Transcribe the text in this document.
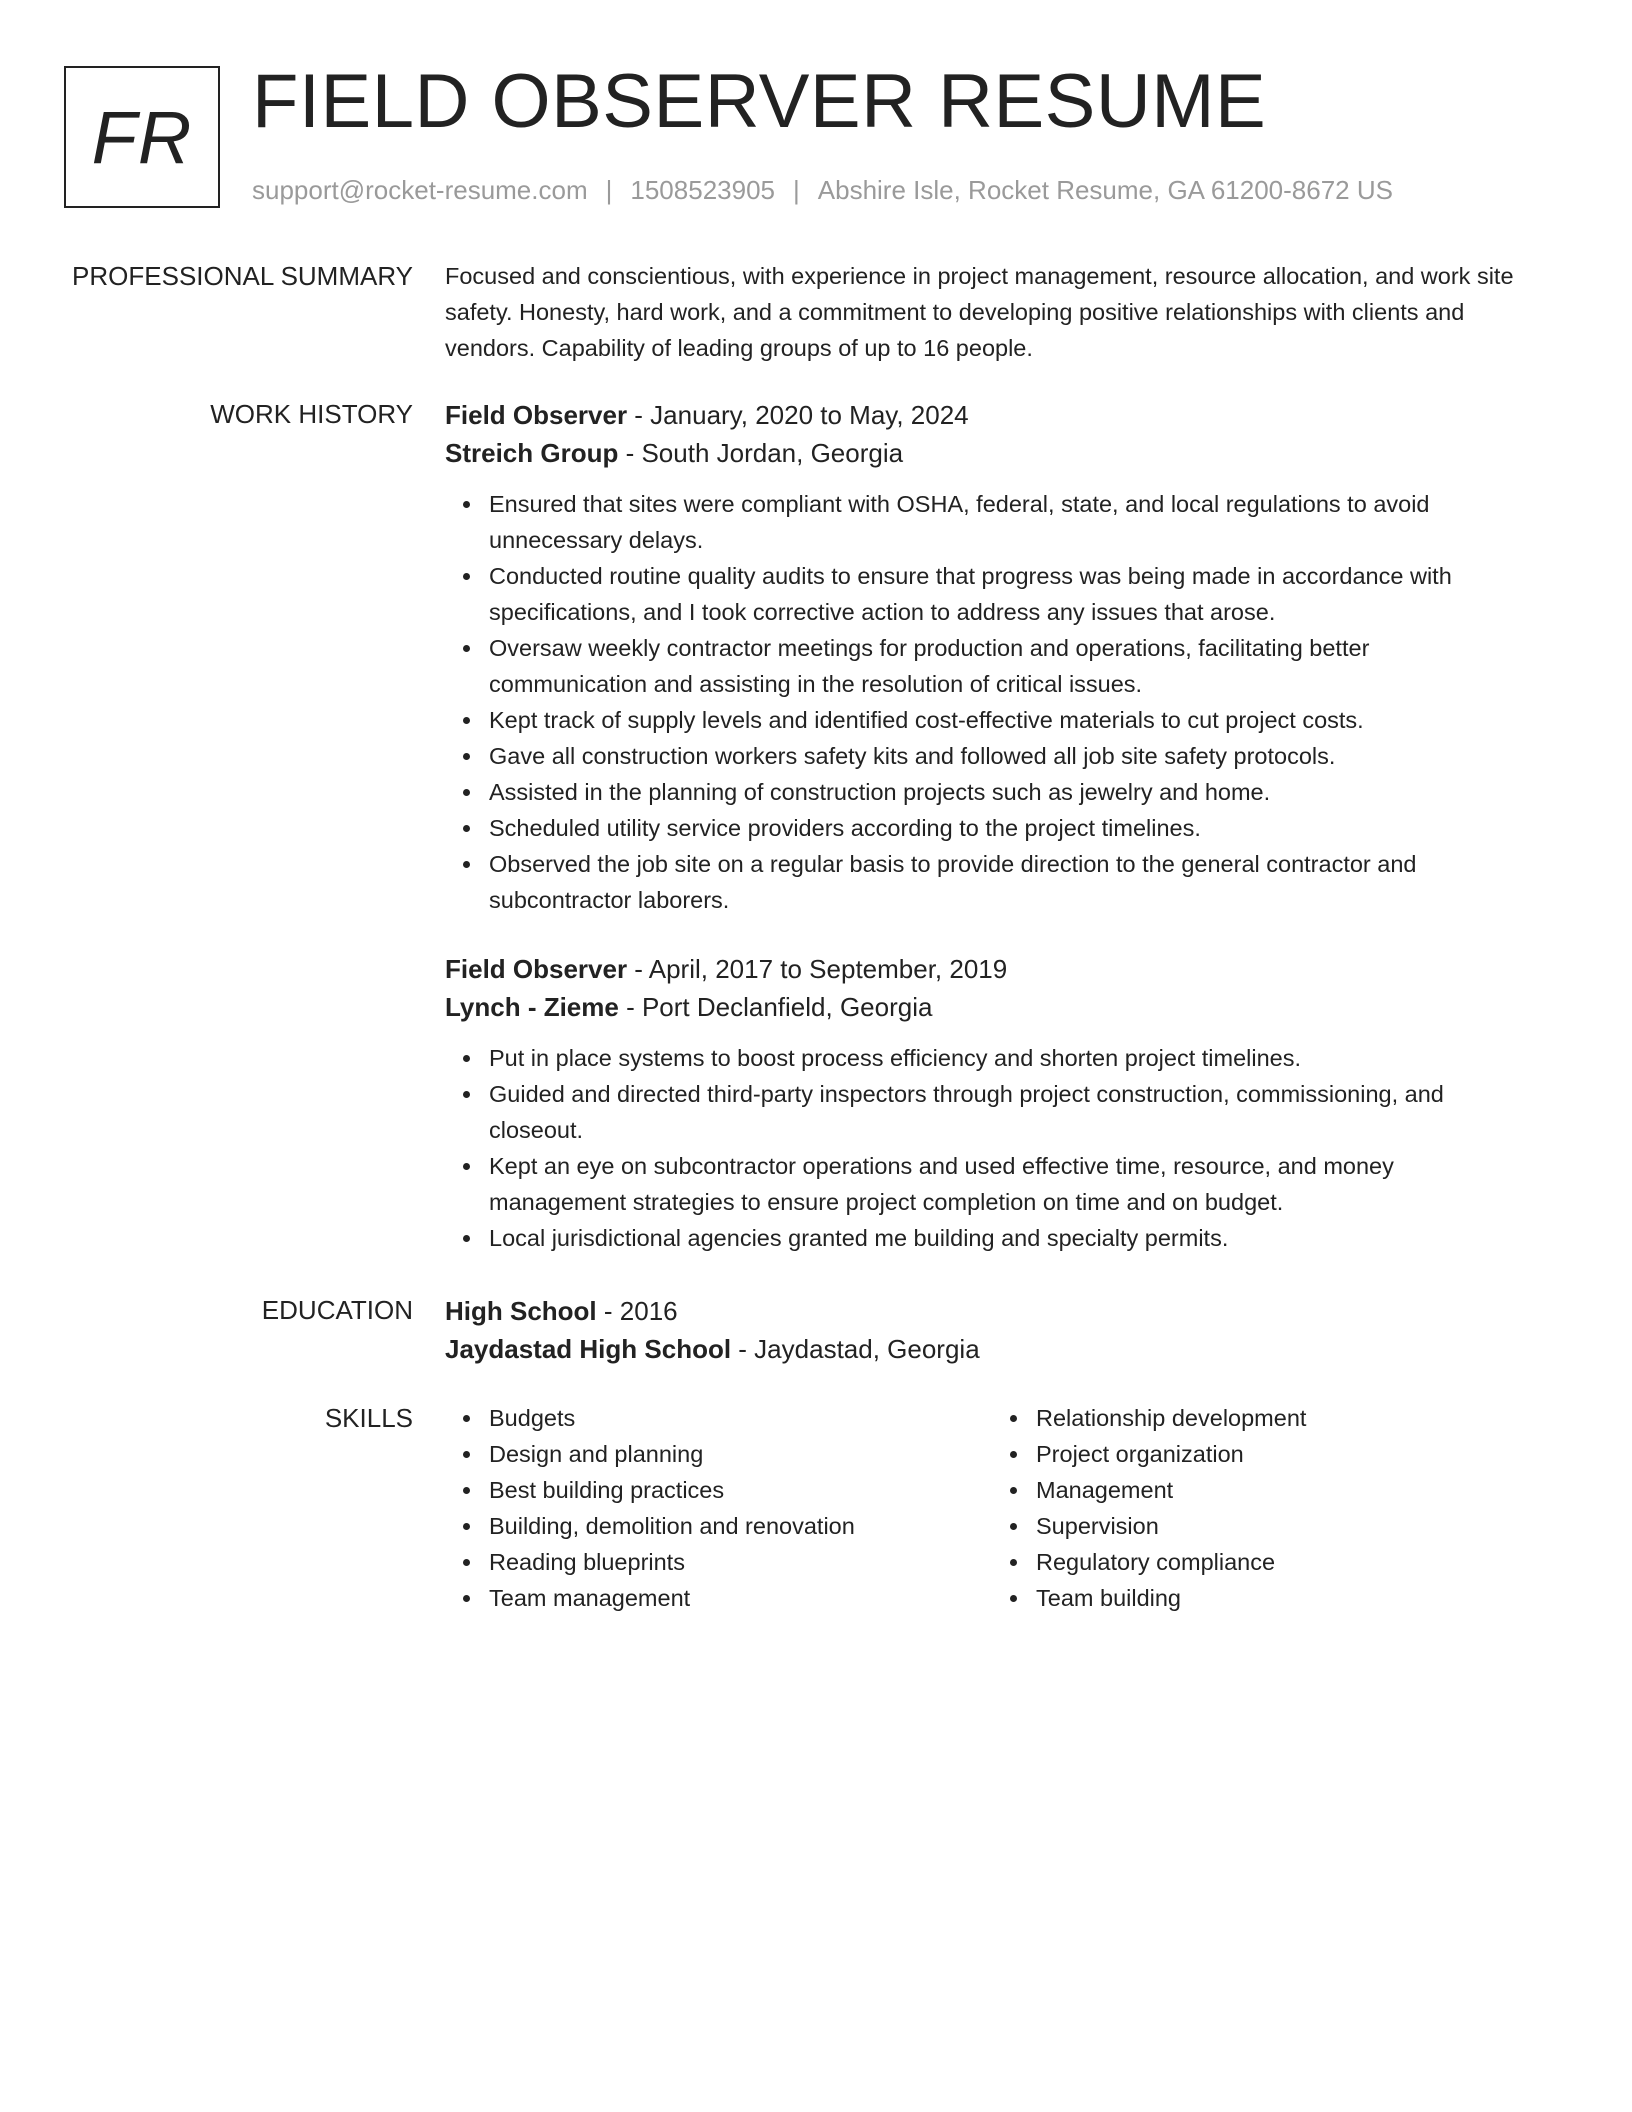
FR FIELD OBSERVER RESUME
support@rocket-resume.com | 1508523905 | Abshire Isle, Rocket Resume, GA 61200-8672 US
PROFESSIONAL SUMMARY Focused and conscientious, with experience in project management, resource allocation, and work site safety. Honesty, hard work, and a commitment to developing positive relationships with clients and vendors. Capability of leading groups of up to 16 people.
WORK HISTORY Field Observer - January, 2020 to May, 2024
Streich Group - South Jordan, Georgia
Ensured that sites were compliant with OSHA, federal, state, and local regulations to avoid unnecessary delays.
Conducted routine quality audits to ensure that progress was being made in accordance with specifications, and I took corrective action to address any issues that arose.
Oversaw weekly contractor meetings for production and operations, facilitating better communication and assisting in the resolution of critical issues.
Kept track of supply levels and identified cost-effective materials to cut project costs.
Gave all construction workers safety kits and followed all job site safety protocols.
Assisted in the planning of construction projects such as jewelry and home.
Scheduled utility service providers according to the project timelines.
Observed the job site on a regular basis to provide direction to the general contractor and subcontractor laborers.
Field Observer - April, 2017 to September, 2019
Lynch - Zieme - Port Declanfield, Georgia
Put in place systems to boost process efficiency and shorten project timelines.
Guided and directed third-party inspectors through project construction, commissioning, and closeout.
Kept an eye on subcontractor operations and used effective time, resource, and money management strategies to ensure project completion on time and on budget.
Local jurisdictional agencies granted me building and specialty permits.
EDUCATION High School - 2016
Jaydastad High School - Jaydastad, Georgia
SKILLS	Budgets
Design and planning
Best building practices
Building, demolition and renovation
Reading blueprints
Team management
Relationship development
Project organization
Management
Supervision
Regulatory compliance
Team building
